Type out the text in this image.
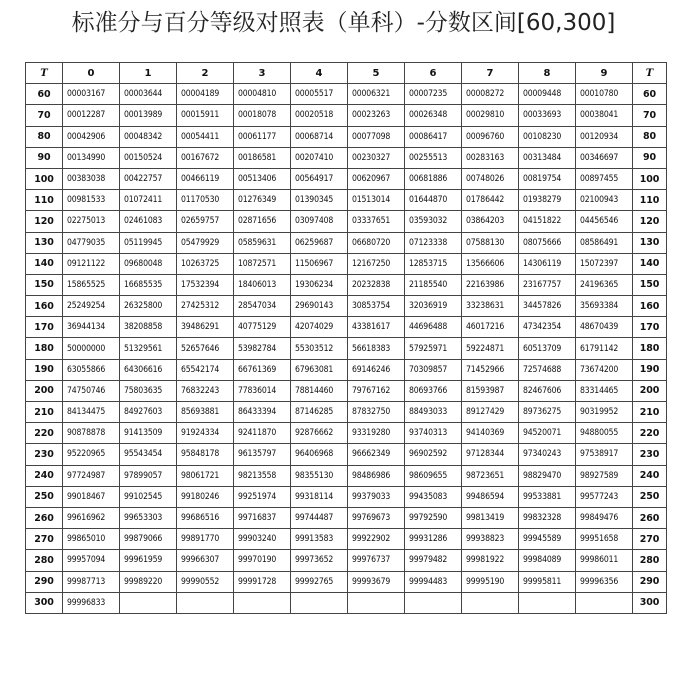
标准分与百分等级对照表（单科）-分数区间[60,300]
T	0	1	2	3	4	5	6	7	8	9	T
60	00003167	00003644	00004189	00004810	00005517	00006321	00007235	00008272	00009448	00010780	60
70	00012287	00013989	00015911	00018078	00020518	00023263	00026348	00029810	00033693	00038041	70
80	00042906	00048342	00054411	00061177	00068714	00077098	00086417	00096760	00108230	00120934	80
90	00134990	00150524	00167672	00186581	00207410	00230327	00255513	00283163	00313484	00346697	90
100	00383038	00422757	00466119	00513406	00564917	00620967	00681886	00748026	00819754	00897455	100
110	00981533	01072411	01170530	01276349	01390345	01513014	01644870	01786442	01938279	02100943	110
120	02275013	02461083	02659757	02871656	03097408	03337651	03593032	03864203	04151822	04456546	120
130	04779035	05119945	05479929	05859631	06259687	06680720	07123338	07588130	08075666	08586491	130
140	09121122	09680048	10263725	10872571	11506967	12167250	12853715	13566606	14306119	15072397	140
150	15865525	16685535	17532394	18406013	19306234	20232838	21185540	22163986	23167757	24196365	150
160	25249254	26325800	27425312	28547034	29690143	30853754	32036919	33238631	34457826	35693384	160
170	36944134	38208858	39486291	40775129	42074029	43381617	44696488	46017216	47342354	48670439	170
180	50000000	51329561	52657646	53982784	55303512	56618383	57925971	59224871	60513709	61791142	180
190	63055866	64306616	65542174	66761369	67963081	69146246	70309857	71452966	72574688	73674200	190
200	74750746	75803635	76832243	77836014	78814460	79767162	80693766	81593987	82467606	83314465	200
210	84134475	84927603	85693881	86433394	87146285	87832750	88493033	89127429	89736275	90319952	210
220	90878878	91413509	91924334	92411870	92876662	93319280	93740313	94140369	94520071	94880055	220
230	95220965	95543454	95848178	96135797	96406968	96662349	96902592	97128344	97340243	97538917	230
240	97724987	97899057	98061721	98213558	98355130	98486986	98609655	98723651	98829470	98927589	240
250	99018467	99102545	99180246	99251974	99318114	99379033	99435083	99486594	99533881	99577243	250
260	99616962	99653303	99686516	99716837	99744487	99769673	99792590	99813419	99832328	99849476	260
270	99865010	99879066	99891770	99903240	99913583	99922902	99931286	99938823	99945589	99951658	270
280	99957094	99961959	99966307	99970190	99973652	99976737	99979482	99981922	99984089	99986011	280
290	99987713	99989220	99990552	99991728	99992765	99993679	99994483	99995190	99995811	99996356	290
300	99996833										300
